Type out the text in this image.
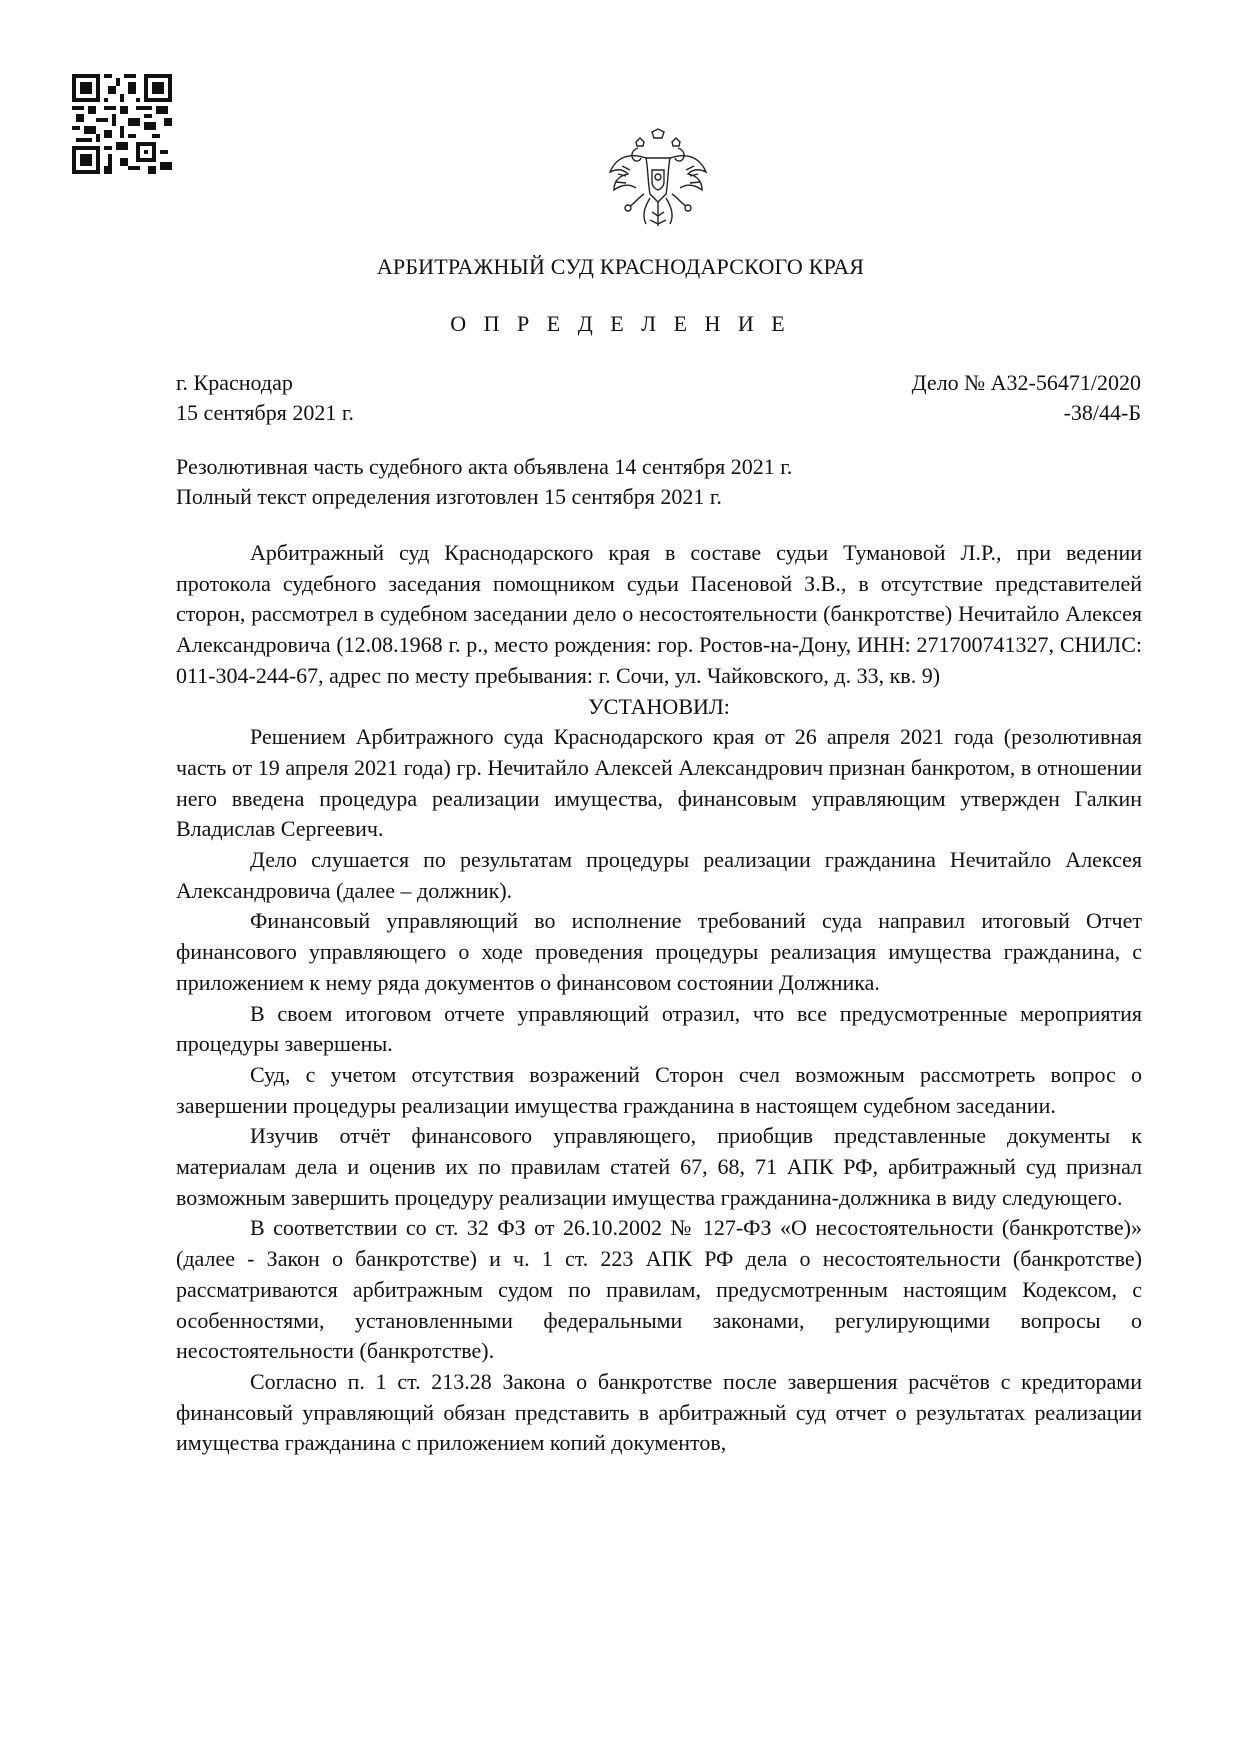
АРБИТРАЖНЫЙ СУД КРАСНОДАРСКОГО КРАЯ
О П Р Е Д Е Л Е Н И Е
г. Краснодар
15 сентября 2021 г.
Дело № А32-56471/2020
-38/44-Б
Резолютивная часть судебного акта объявлена 14 сентября 2021 г.
Полный текст определения изготовлен 15 сентября 2021 г.

Арбитражный суд Краснодарского края в составе судьи Тумановой Л.Р., при ведении протокола судебного заседания помощником судьи Пасеновой З.В., в отсутствие представителей сторон, рассмотрел в судебном заседании дело о несостоятельности (банкротстве) Нечитайло Алексея Александровича (12.08.1968 г. р., место рождения: гор. Ростов-на-Дону, ИНН: 271700741327, СНИЛС: 011-304-244-67, адрес по месту пребывания: г. Сочи, ул. Чайковского, д. 33, кв. 9)

УСТАНОВИЛ:

Решением Арбитражного суда Краснодарского края от 26 апреля 2021 года (резолютивная часть от 19 апреля 2021 года) гр. Нечитайло Алексей Александрович признан банкротом, в отношении него введена процедура реализации имущества, финансовым управляющим утвержден Галкин Владислав Сергеевич.

Дело слушается по результатам процедуры реализации гражданина Нечитайло Алексея Александровича (далее – должник).

Финансовый управляющий во исполнение требований суда направил итоговый Отчет финансового управляющего о ходе проведения процедуры реализация имущества гражданина, с приложением к нему ряда документов о финансовом состоянии Должника.

В своем итоговом отчете управляющий отразил, что все предусмотренные мероприятия процедуры завершены.

Суд, с учетом отсутствия возражений Сторон счел возможным рассмотреть вопрос о завершении процедуры реализации имущества гражданина в настоящем судебном заседании.

Изучив отчёт финансового управляющего, приобщив представленные документы к материалам дела и оценив их по правилам статей 67, 68, 71 АПК РФ, арбитражный суд признал возможным завершить процедуру реализации имущества гражданина-должника в виду следующего.

В соответствии со ст. 32 ФЗ от 26.10.2002 № 127-ФЗ «О несостоятельности (банкротстве)» (далее - Закон о банкротстве) и ч. 1 ст. 223 АПК РФ дела о несостоятельности (банкротстве) рассматриваются арбитражным судом по правилам, предусмотренным настоящим Кодексом, с особенностями, установленными федеральными законами, регулирующими вопросы о несостоятельности (банкротстве).

Согласно п. 1 ст. 213.28 Закона о банкротстве после завершения расчётов с кредиторами финансовый управляющий обязан представить в арбитражный суд отчет о результатах реализации имущества гражданина с приложением копий документов,
